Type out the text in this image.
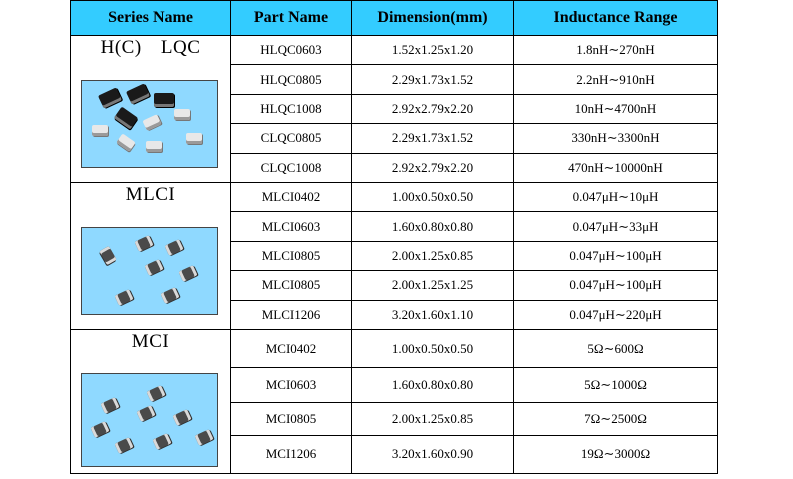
Series Name	Part Name	Dimension(mm)	Inductance Range

H(C) LQC	HLQC0603	1.52x1.25x1.20	1.8nH∼270nH
	HLQC0805	2.29x1.73x1.52	2.2nH∼910nH
	HLQC1008	2.92x2.79x2.20	10nH∼4700nH
	CLQC0805	2.29x1.73x1.52	330nH∼3300nH
	CLQC1008	2.92x2.79x2.20	470nH∼10000nH

MLCI	MLCI0402	1.00x0.50x0.50	0.047μH∼10μH
	MLCI0603	1.60x0.80x0.80	0.047μH∼33μH
	MLCI0805	2.00x1.25x0.85	0.047μH∼100μH
	MLCI0805	2.00x1.25x1.25	0.047μH∼100μH
	MLCI1206	3.20x1.60x1.10	0.047μH∼220μH

MCI	MCI0402	1.00x0.50x0.50	5Ω∼600Ω
	MCI0603	1.60x0.80x0.80	5Ω∼1000Ω
	MCI0805	2.00x1.25x0.85	7Ω∼2500Ω
	MCI1206	3.20x1.60x0.90	19Ω∼3000Ω
